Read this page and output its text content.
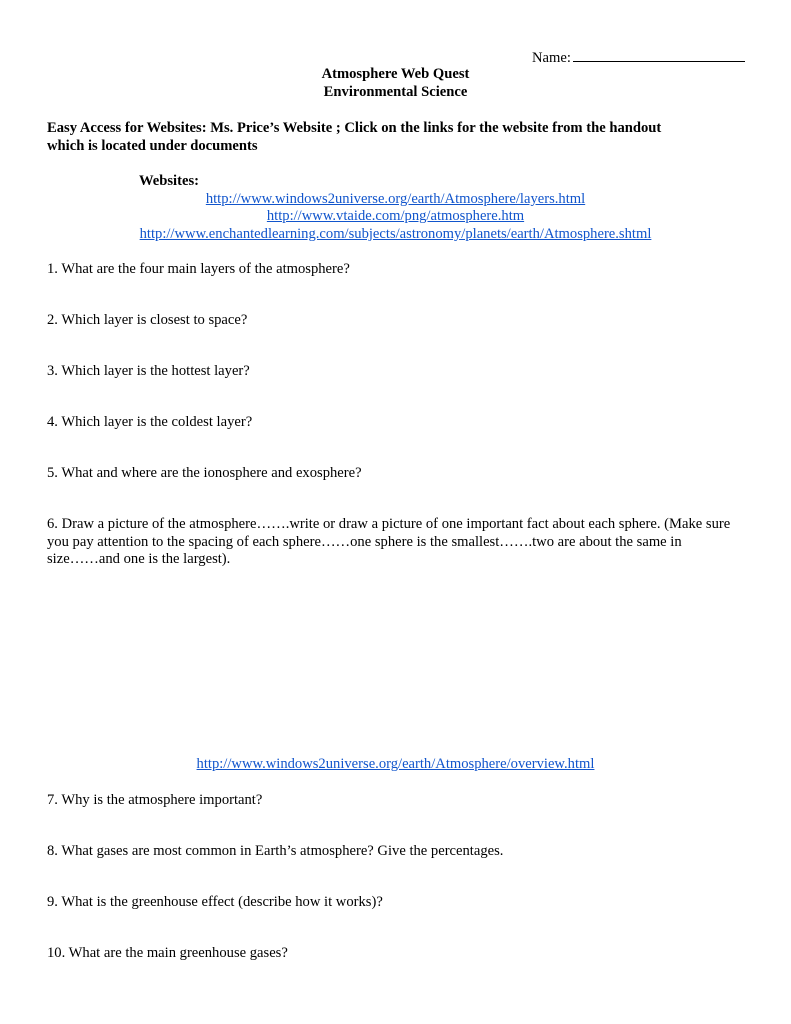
Name:
Atmosphere Web Quest
Environmental Science
Easy Access for Websites: Ms. Price’s Website ; Click on the links for the website from the handout
which is located under documents
Websites:
http://www.windows2universe.org/earth/Atmosphere/layers.html
http://www.vtaide.com/png/atmosphere.htm
http://www.enchantedlearning.com/subjects/astronomy/planets/earth/Atmosphere.shtml
1. What are the four main layers of the atmosphere?
2. Which layer is closest to space?
3. Which layer is the hottest layer?
4. Which layer is the coldest layer?
5. What and where are the ionosphere and exosphere?
6. Draw a picture of the atmosphere…….write or draw a picture of one important fact about each sphere. (Make sure
you pay attention to the spacing of each sphere……one sphere is the smallest…….two are about the same in
size……and one is the largest).
http://www.windows2universe.org/earth/Atmosphere/overview.html
7. Why is the atmosphere important?
8. What gases are most common in Earth’s atmosphere? Give the percentages.
9. What is the greenhouse effect (describe how it works)?
10. What are the main greenhouse gases?
